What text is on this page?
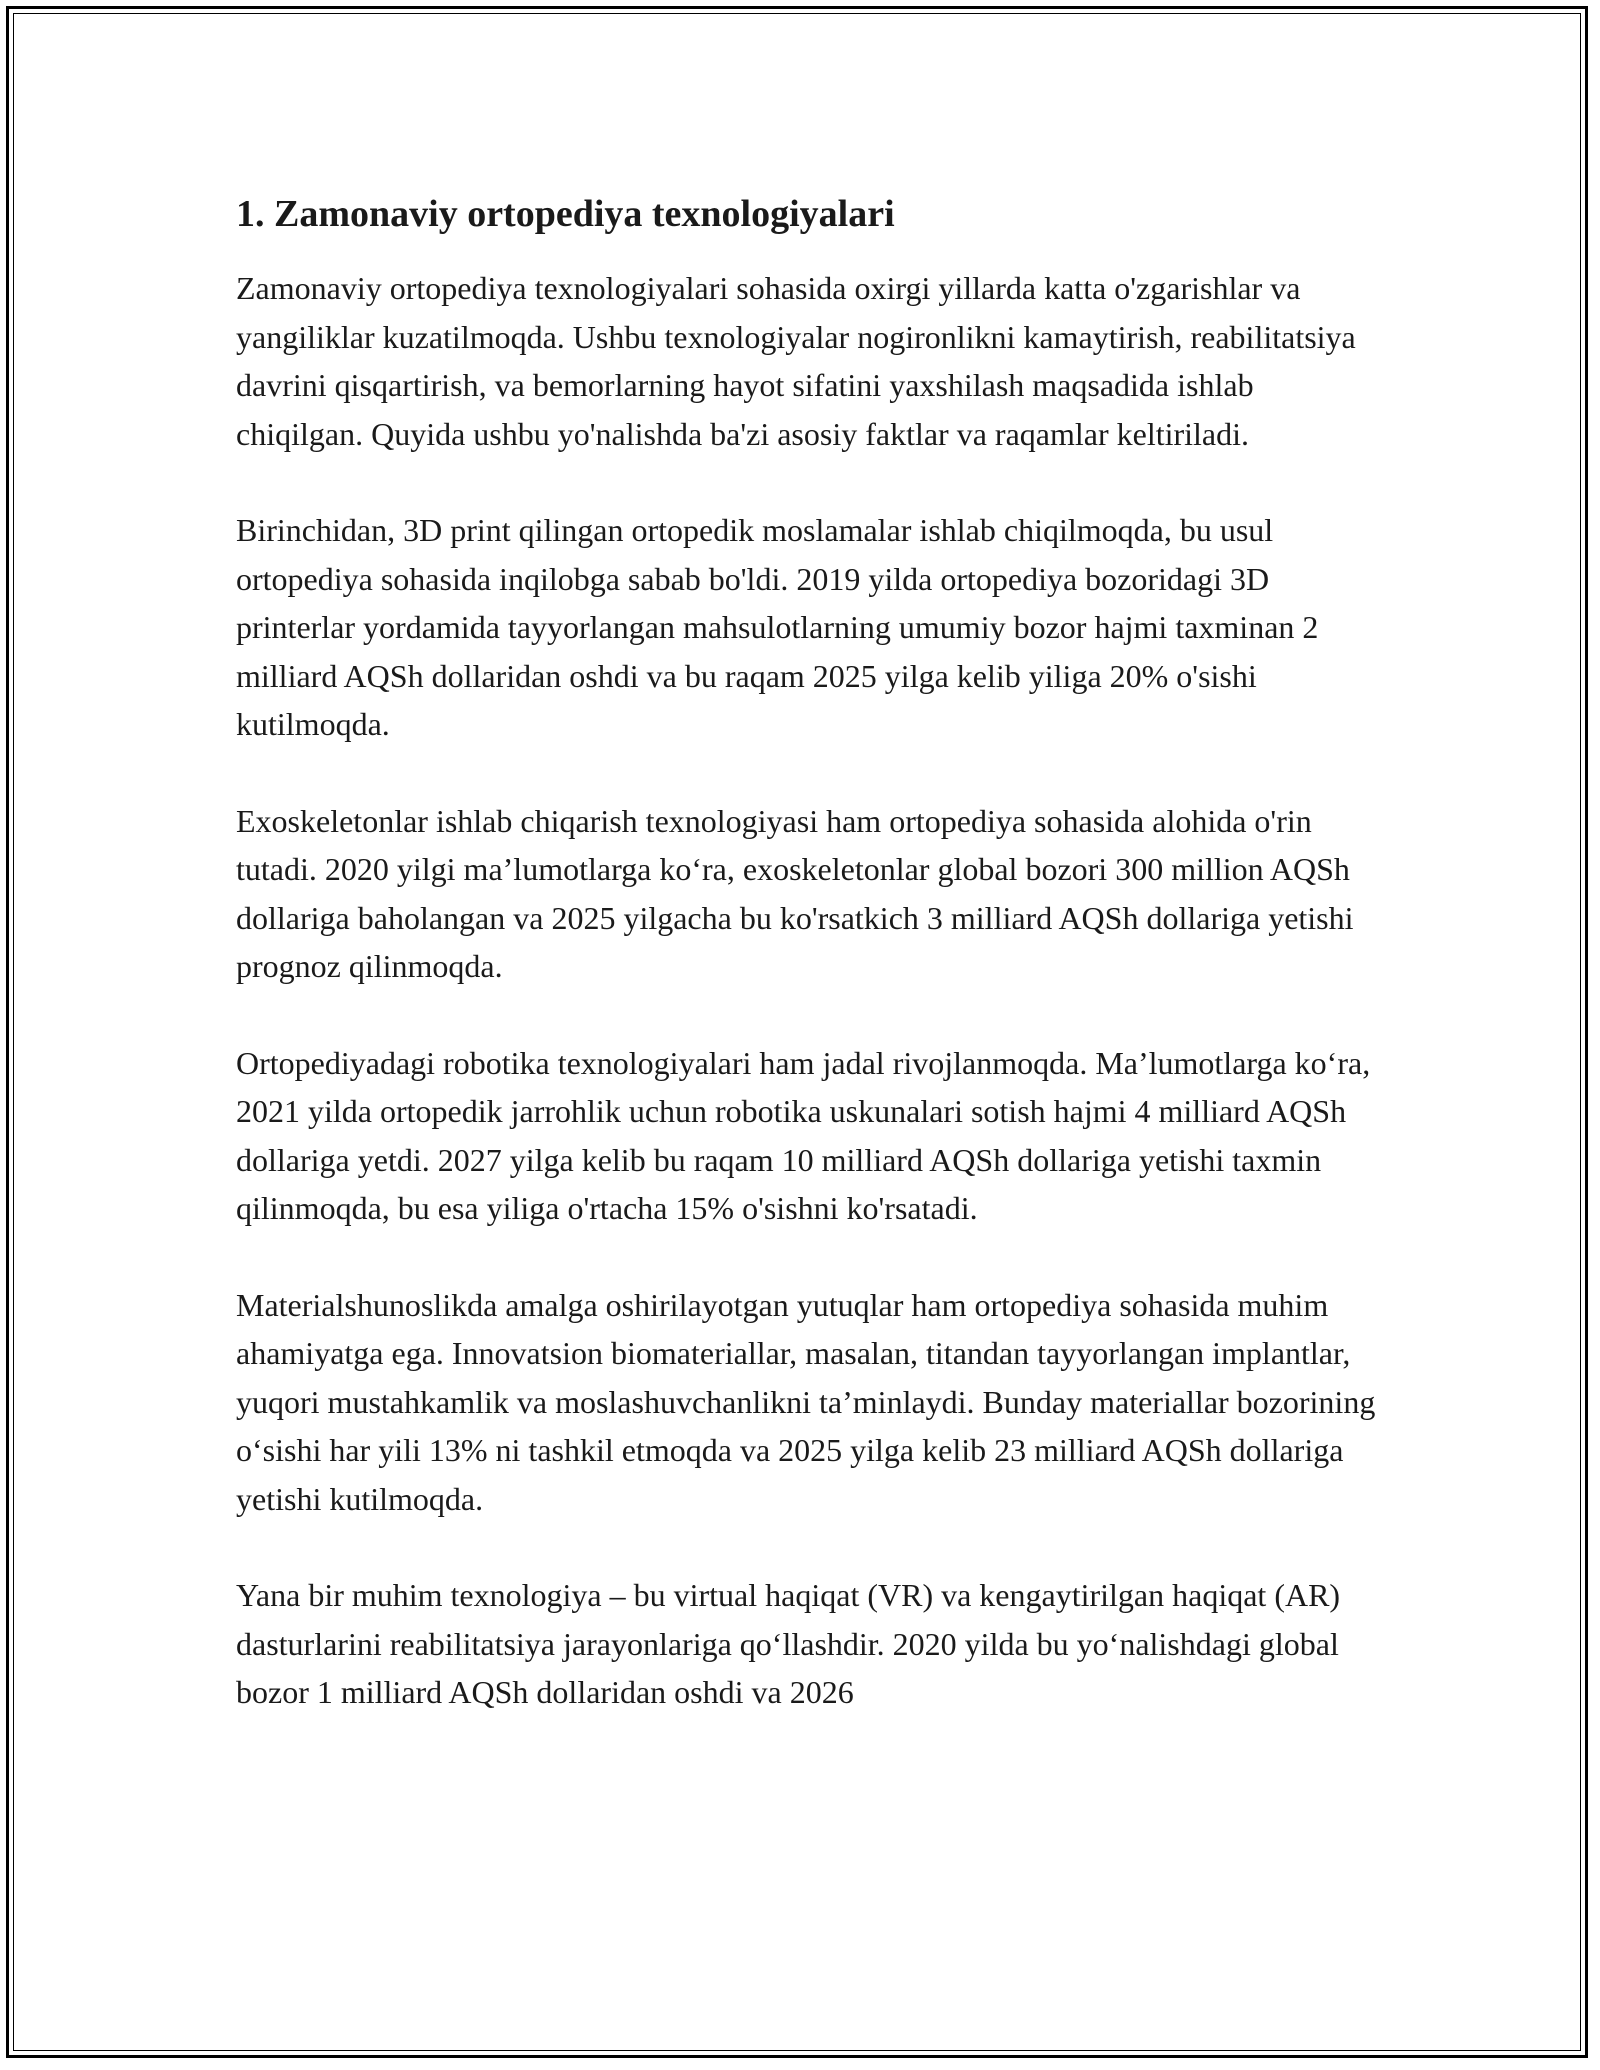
1. Zamonaviy ortopediya texnologiyalari

Zamonaviy ortopediya texnologiyalari sohasida oxirgi yillarda katta o'zgarishlar va yangiliklar kuzatilmoqda. Ushbu texnologiyalar nogironlikni kamaytirish, reabilitatsiya davrini qisqartirish, va bemorlarning hayot sifatini yaxshilash maqsadida ishlab chiqilgan. Quyida ushbu yo'nalishda ba'zi asosiy faktlar va raqamlar keltiriladi.

Birinchidan, 3D print qilingan ortopedik moslamalar ishlab chiqilmoqda, bu usul ortopediya sohasida inqilobga sabab bo'ldi. 2019 yilda ortopediya bozoridagi 3D printerlar yordamida tayyorlangan mahsulotlarning umumiy bozor hajmi taxminan 2 milliard AQSh dollaridan oshdi va bu raqam 2025 yilga kelib yiliga 20% o'sishi kutilmoqda.

Exoskeletonlar ishlab chiqarish texnologiyasi ham ortopediya sohasida alohida o'rin tutadi. 2020 yilgi ma’lumotlarga ko‘ra, exoskeletonlar global bozori 300 million AQSh dollariga baholangan va 2025 yilgacha bu ko'rsatkich 3 milliard AQSh dollariga yetishi prognoz qilinmoqda.

Ortopediyadagi robotika texnologiyalari ham jadal rivojlanmoqda. Ma’lumotlarga ko‘ra, 2021 yilda ortopedik jarrohlik uchun robotika uskunalari sotish hajmi 4 milliard AQSh dollariga yetdi. 2027 yilga kelib bu raqam 10 milliard AQSh dollariga yetishi taxmin qilinmoqda, bu esa yiliga o'rtacha 15% o'sishni ko'rsatadi.

Materialshunoslikda amalga oshirilayotgan yutuqlar ham ortopediya sohasida muhim ahamiyatga ega. Innovatsion biomateriallar, masalan, titandan tayyorlangan implantlar, yuqori mustahkamlik va moslashuvchanlikni ta’minlaydi. Bunday materiallar bozorining o‘sishi har yili 13% ni tashkil etmoqda va 2025 yilga kelib 23 milliard AQSh dollariga yetishi kutilmoqda.

Yana bir muhim texnologiya – bu virtual haqiqat (VR) va kengaytirilgan haqiqat (AR) dasturlarini reabilitatsiya jarayonlariga qo‘llashdir. 2020 yilda bu yo‘nalishdagi global bozor 1 milliard AQSh dollaridan oshdi va 2026
